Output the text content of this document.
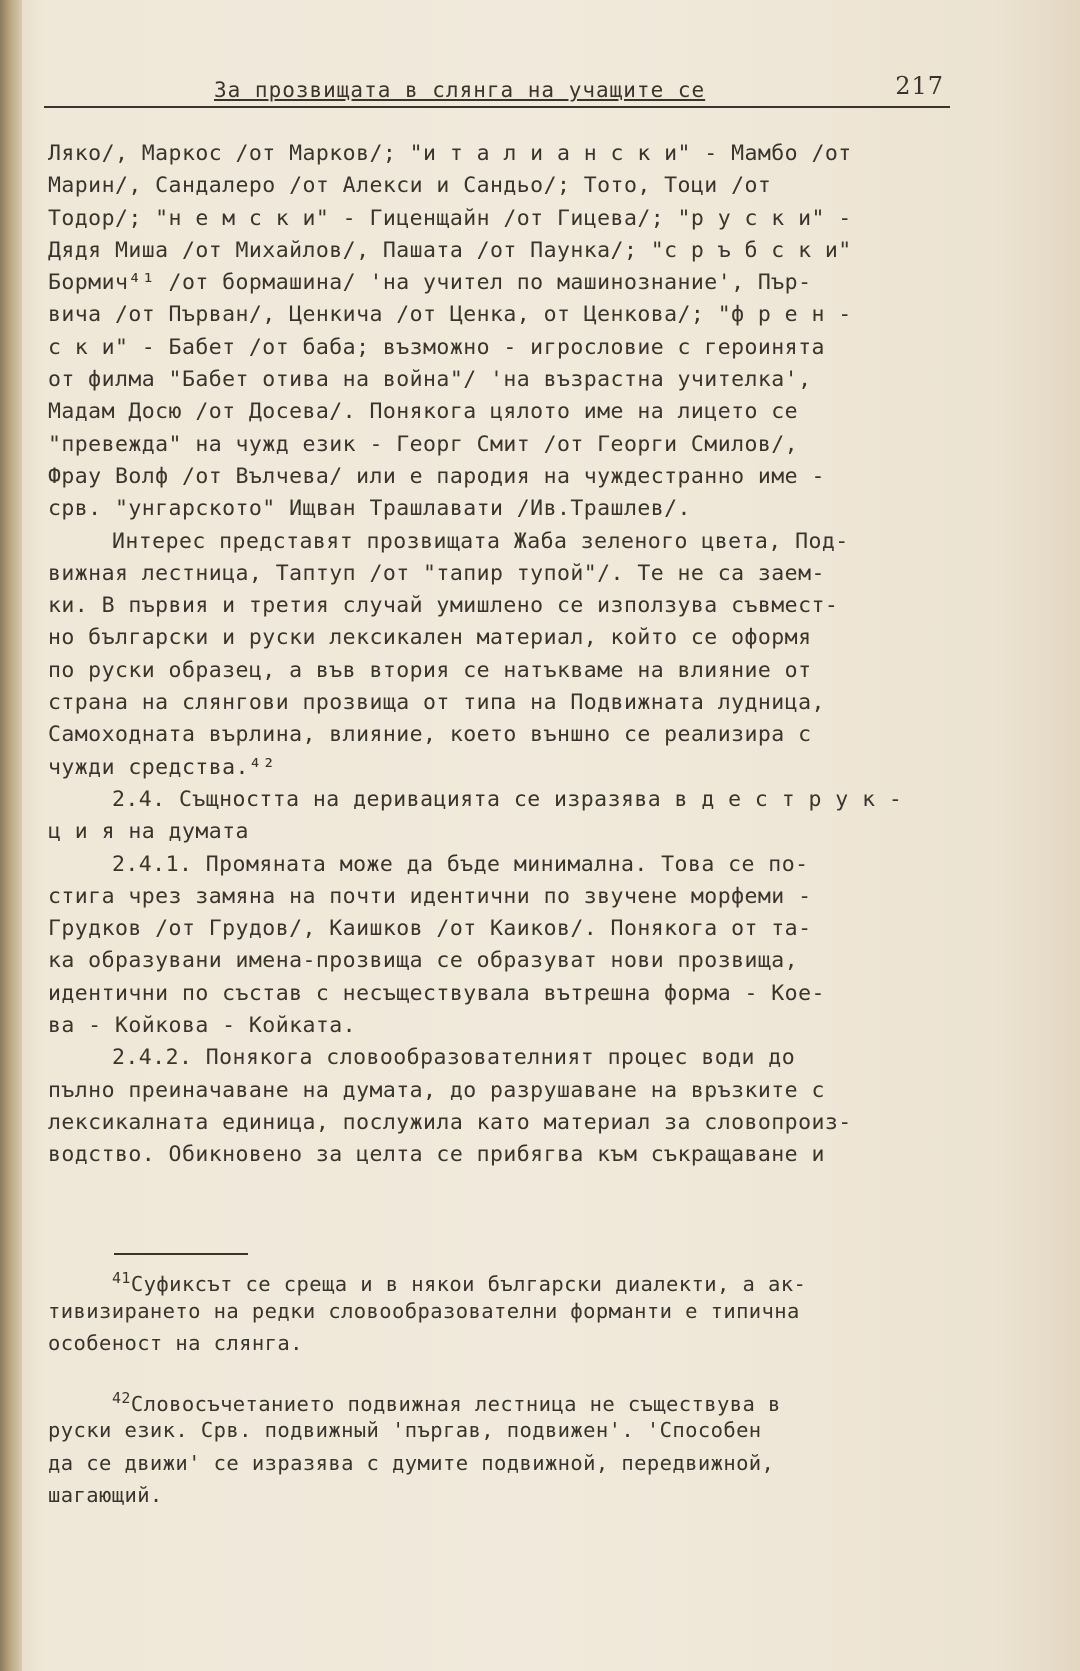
За прозвищата в слянга на учащите се	217
Ляко/, Маркос /от Марков/; "и т а л и а н с к и" - Мамбо /от
Марин/, Сандалеро /от Алекси и Сандьо/; Тото, Тоци /от
Тодор/; "н е м с к и" - Гиценщайн /от Гицева/; "р у с к и" -
Дядя Миша /от Михайлов/, Пашата /от Паунка/; "с р ъ б с к и"
Бормич⁴¹ /от бормашина/ 'на учител по машинознание', Пър-
вича /от Първан/, Ценкича /от Ценка, от Ценкова/; "ф р е н -
с к и" - Бабет /от баба; възможно - игрословие с героинята
от филма "Бабет отива на война"/ 'на възрастна учителка',
Мадам Досю /от Досева/. Понякога цялото име на лицето се
"превежда" на чужд език - Георг Смит /от Георги Смилов/,
Фрау Волф /от Вълчева/ или е пародия на чуждестранно име -
срв. "унгарското" Ищван Трашлавати /Ив.Трашлев/.
Интерес представят прозвищата Жаба зеленого цвета, Под-
вижная лестница, Таптуп /от "тапир тупой"/. Те не са заем-
ки. В първия и третия случай умишлено се използува съвмест-
но български и руски лексикален материал, който се оформя
по руски образец, а във втория се натъкваме на влияние от
страна на слянгови прозвища от типа на Подвижната лудница,
Самоходната върлина, влияние, което външно се реализира с
чужди средства.⁴²
2.4. Същността на деривацията се изразява в д е с т р у к -
ц и я на думата
2.4.1. Промяната може да бъде минимална. Това се по-
стига чрез замяна на почти идентични по звучене морфеми -
Грудков /от Грудов/, Каишков /от Каиков/. Понякога от та-
ка образувани имена-прозвища се образуват нови прозвища,
идентични по състав с несъществувала вътрешна форма - Кое-
ва - Койкова - Койката.
2.4.2. Понякога словообразователният процес води до
пълно преиначаване на думата, до разрушаване на връзките с
лексикалната единица, послужила като материал за словопроиз-
водство. Обикновено за целта се прибягва към съкращаване и
$^{41}$Суфиксът се среща и в някои български диалекти, а ак-
тивизирането на редки словообразователни форманти е типична
особеност на слянга.
$^{42}$Словосъчетанието подвижная лестница не съществува в
руски език. Срв. подвижный 'пъргав, подвижен'. 'Способен
да се движи' се изразява с думите подвижной, передвижной,
шагающий.
